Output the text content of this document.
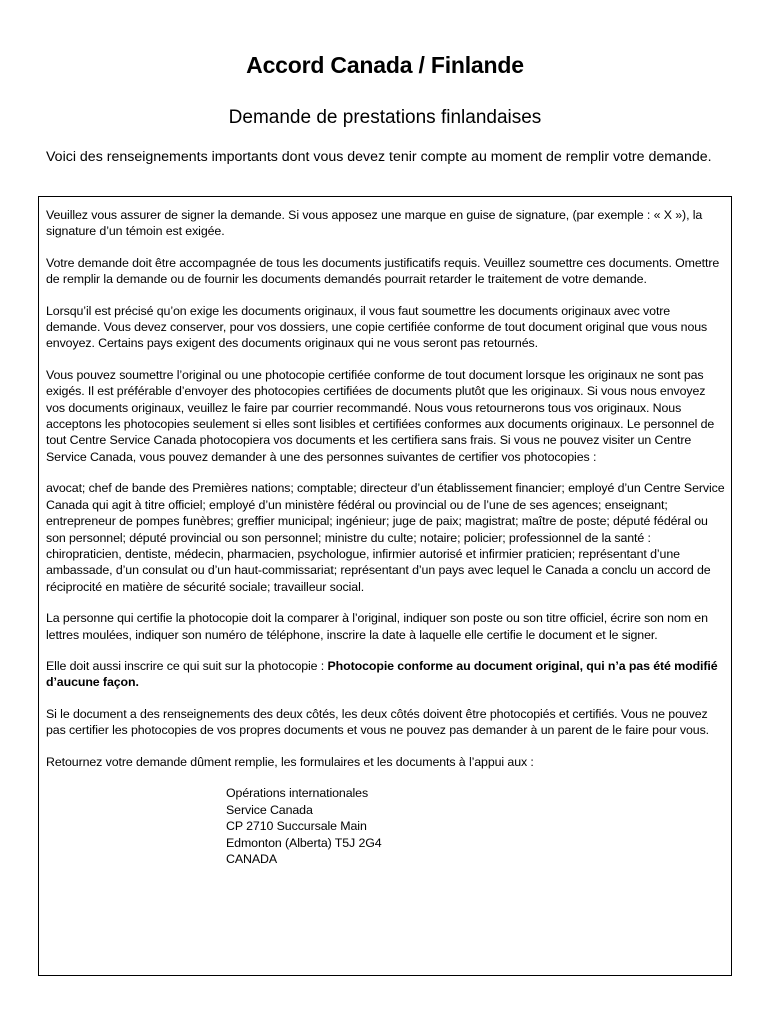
Accord Canada / Finlande
Demande de prestations finlandaises
Voici des renseignements importants dont vous devez tenir compte au moment de remplir votre demande.

Veuillez vous assurer de signer la demande. Si vous apposez une marque en guise de signature, (par exemple : « X »), la signature d’un témoin est exigée.

Votre demande doit être accompagnée de tous les documents justificatifs requis. Veuillez soumettre ces documents. Omettre de remplir la demande ou de fournir les documents demandés pourrait retarder le traitement de votre demande.

Lorsqu’il est précisé qu’on exige les documents originaux, il vous faut soumettre les documents originaux avec votre demande. Vous devez conserver, pour vos dossiers, une copie certifiée conforme de tout document original que vous nous envoyez. Certains pays exigent des documents originaux qui ne vous seront pas retournés.

Vous pouvez soumettre l’original ou une photocopie certifiée conforme de tout document lorsque les originaux ne sont pas exigés. Il est préférable d’envoyer des photocopies certifiées de documents plutôt que les originaux. Si vous nous envoyez vos documents originaux, veuillez le faire par courrier recommandé. Nous vous retournerons tous vos originaux. Nous acceptons les photocopies seulement si elles sont lisibles et certifiées conformes aux documents originaux. Le personnel de tout Centre Service Canada photocopiera vos documents et les certifiera sans frais. Si vous ne pouvez visiter un Centre Service Canada, vous pouvez demander à une des personnes suivantes de certifier vos photocopies :

avocat; chef de bande des Premières nations; comptable; directeur d’un établissement financier; employé d’un Centre Service Canada qui agit à titre officiel; employé d’un ministère fédéral ou provincial ou de l’une de ses agences; enseignant; entrepreneur de pompes funèbres; greffier municipal; ingénieur; juge de paix; magistrat; maître de poste; député fédéral ou son personnel; député provincial ou son personnel; ministre du culte; notaire; policier; professionnel de la santé : chiropraticien, dentiste, médecin, pharmacien, psychologue, infirmier autorisé et infirmier praticien; représentant d’une ambassade, d’un consulat ou d’un haut-commissariat; représentant d’un pays avec lequel le Canada a conclu un accord de réciprocité en matière de sécurité sociale; travailleur social.

La personne qui certifie la photocopie doit la comparer à l’original, indiquer son poste ou son titre officiel, écrire son nom en lettres moulées, indiquer son numéro de téléphone, inscrire la date à laquelle elle certifie le document et le signer.

Elle doit aussi inscrire ce qui suit sur la photocopie : Photocopie conforme au document original, qui n’a pas été modifié d’aucune façon.

Si le document a des renseignements des deux côtés, les deux côtés doivent être photocopiés et certifiés. Vous ne pouvez pas certifier les photocopies de vos propres documents et vous ne pouvez pas demander à un parent de le faire pour vous.

Retournez votre demande dûment remplie, les formulaires et les documents à l’appui aux :

Opérations internationales
Service Canada
CP 2710 Succursale Main
Edmonton (Alberta) T5J 2G4
CANADA
